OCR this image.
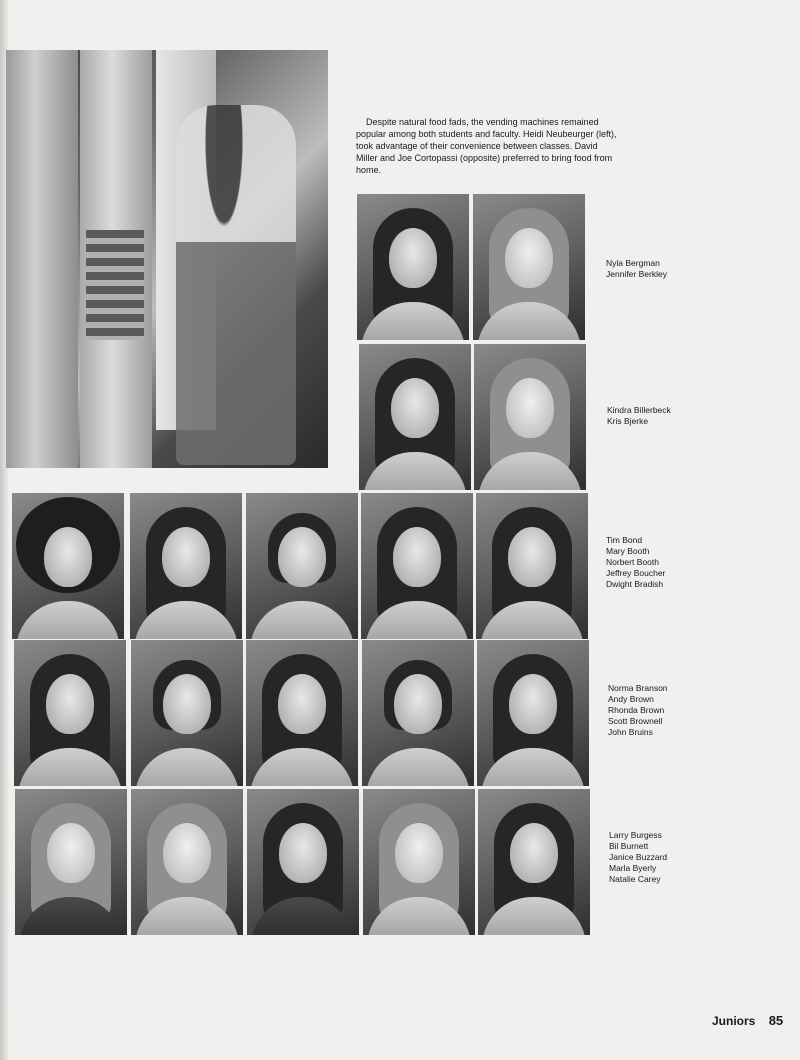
Despite natural food fads, the vending machines remained popular among both students and faculty. Heidi Neubeurger (left), took advantage of their convenience between classes. David Miller and Joe Cortopassi (opposite) preferred to bring food from home.
Nyla Bergman
Jennifer Berkley
Kindra Billerbeck
Kris Bjerke
Tim Bond
Mary Booth
Norbert Booth
Jeffrey Boucher
Dwight Bradish
Norma Branson
Andy Brown
Rhonda Brown
Scott Brownell
John Bruins
Larry Burgess
Bil Burnett
Janice Buzzard
Marla Byerly
Natalie Carey
Juniors 85
